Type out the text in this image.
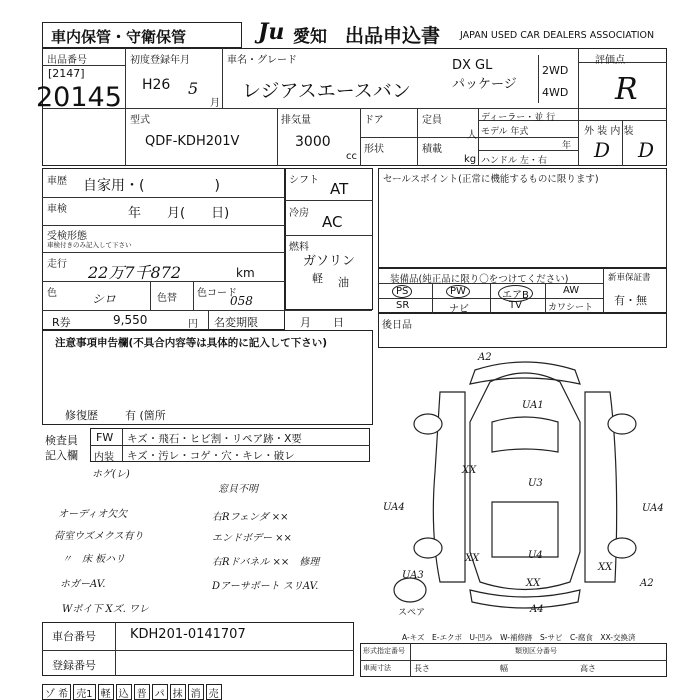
車内保管・守衛保管	Ju 愛知 出品申込書 JAPAN USED CAR DEALERS ASSOCIATION
出品番号
[2147]
20145
初度登録年月
H26 5
月
車名・グレード
レジアスエースバン
DX GL
パッケージ
2WD
4WD
評価点
R
型式
QDF-KDH201V
排気量
3000
cc
ドア
形状
定員
人
積載
kg
ディーラー・並 行
モデル 年式
年
ハンドル 左・右
外 装 内 装
D D
車歴 自家用・(　　　　　)
車検	年　　月(　　日)
受検形態
車検付きのみ記入して下さい
走行 22万7千872	km
色	シロ	色替 色コード
058
R券	9,550	円 名変期限	月　　日
シフト AT
冷房 AC
燃料
ガソリン
軽 油
セールスポイント(正常に機能するものに限ります)
装備品(純正品に限り〇をつけてください)
PS	PW	エアB	AW
SR	ナビ	TV	カワシート
新車保証書
有・無
注意事項申告欄(不具合内容等は具体的に記入して下さい)
修復歴 有 (箇所
後日品
検査員
記入欄
FW キズ・飛石・ヒビ割・リペア跡・X要
内装 キズ・汚レ・コゲ・穴・キレ・破レ
ホゲ(レ)
オーディオ欠欠
荷室ウズメクス有り
〃　床 板ハリ
ホガーAV.
Wポイ下 Xズ. ワレ
窓貝不明
右Rフェンダ ××
エンドボデー ××
右Rドバネル ××　修理
Dアーサポート スリAV.
A2
UA1
XX
U3
UA4	UA4
U4
XX
XX
UA3
XX	A2
A4
スペア
A-キズ　E-エクボ　U-凹み　W-補修跡　S-サビ　C-腐食　XX-交換済
車台番号	KDH201-0141707
登録番号
形式指定番号	類別区分番号
車両寸法	長さ	幅	高さ
ゾ 希 売1 軽 込 普 パ 抹 消 売
